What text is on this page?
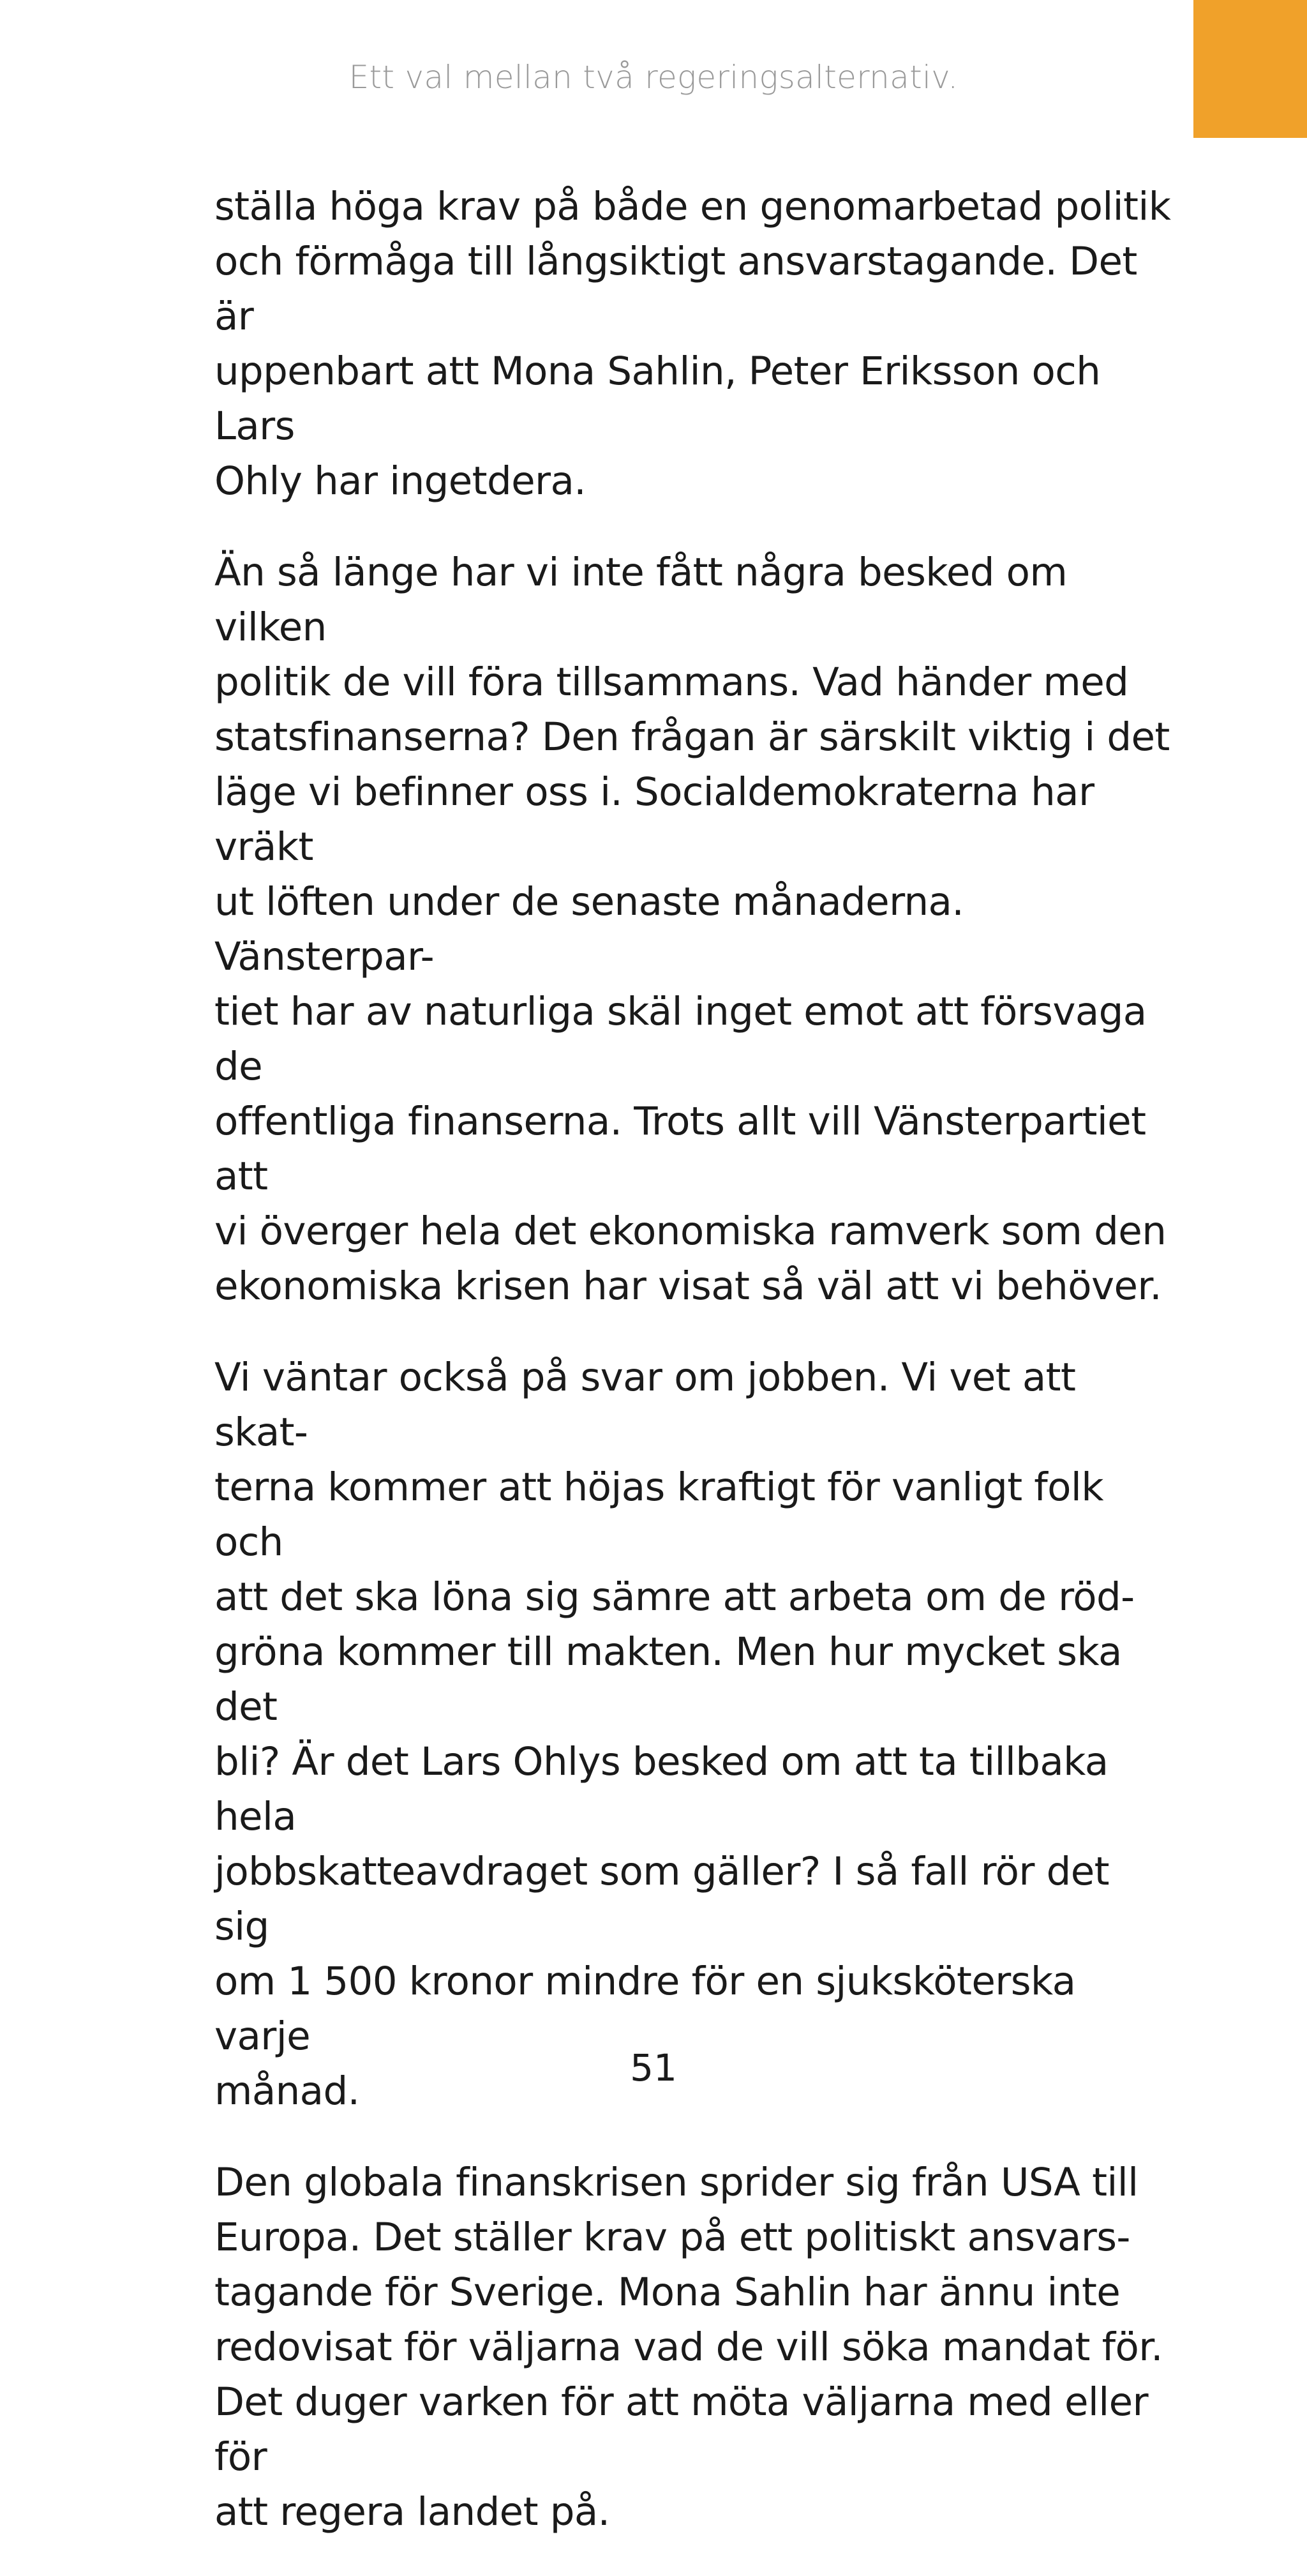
Ett val mellan två regeringsalternativ.

ställa höga krav på både en genomarbetad politik
och förmåga till långsiktigt ansvarstagande. Det är
uppenbart att Mona Sahlin, Peter Eriksson och Lars
Ohly har ingetdera.

Än så länge har vi inte fått några besked om vilken
politik de vill föra tillsammans. Vad händer med
statsfinanserna? Den frågan är särskilt viktig i det
läge vi befinner oss i. Socialdemokraterna har vräkt
ut löften under de senaste månaderna. Vänsterpar-
tiet har av naturliga skäl inget emot att försvaga de
offentliga finanserna. Trots allt vill Vänsterpartiet att
vi överger hela det ekonomiska ramverk som den
ekonomiska krisen har visat så väl att vi behöver.

Vi väntar också på svar om jobben. Vi vet att skat-
terna kommer att höjas kraftigt för vanligt folk och
att det ska löna sig sämre att arbeta om de röd-
gröna kommer till makten. Men hur mycket ska det
bli? Är det Lars Ohlys besked om att ta tillbaka hela
jobbskatteavdraget som gäller? I så fall rör det sig
om 1 500 kronor mindre för en sjuksköterska varje
månad.

Den globala finanskrisen sprider sig från USA till
Europa. Det ställer krav på ett politiskt ansvars-
tagande för Sverige. Mona Sahlin har ännu inte
redovisat för väljarna vad de vill söka mandat för.
Det duger varken för att möta väljarna med eller för
att regera landet på.

51
